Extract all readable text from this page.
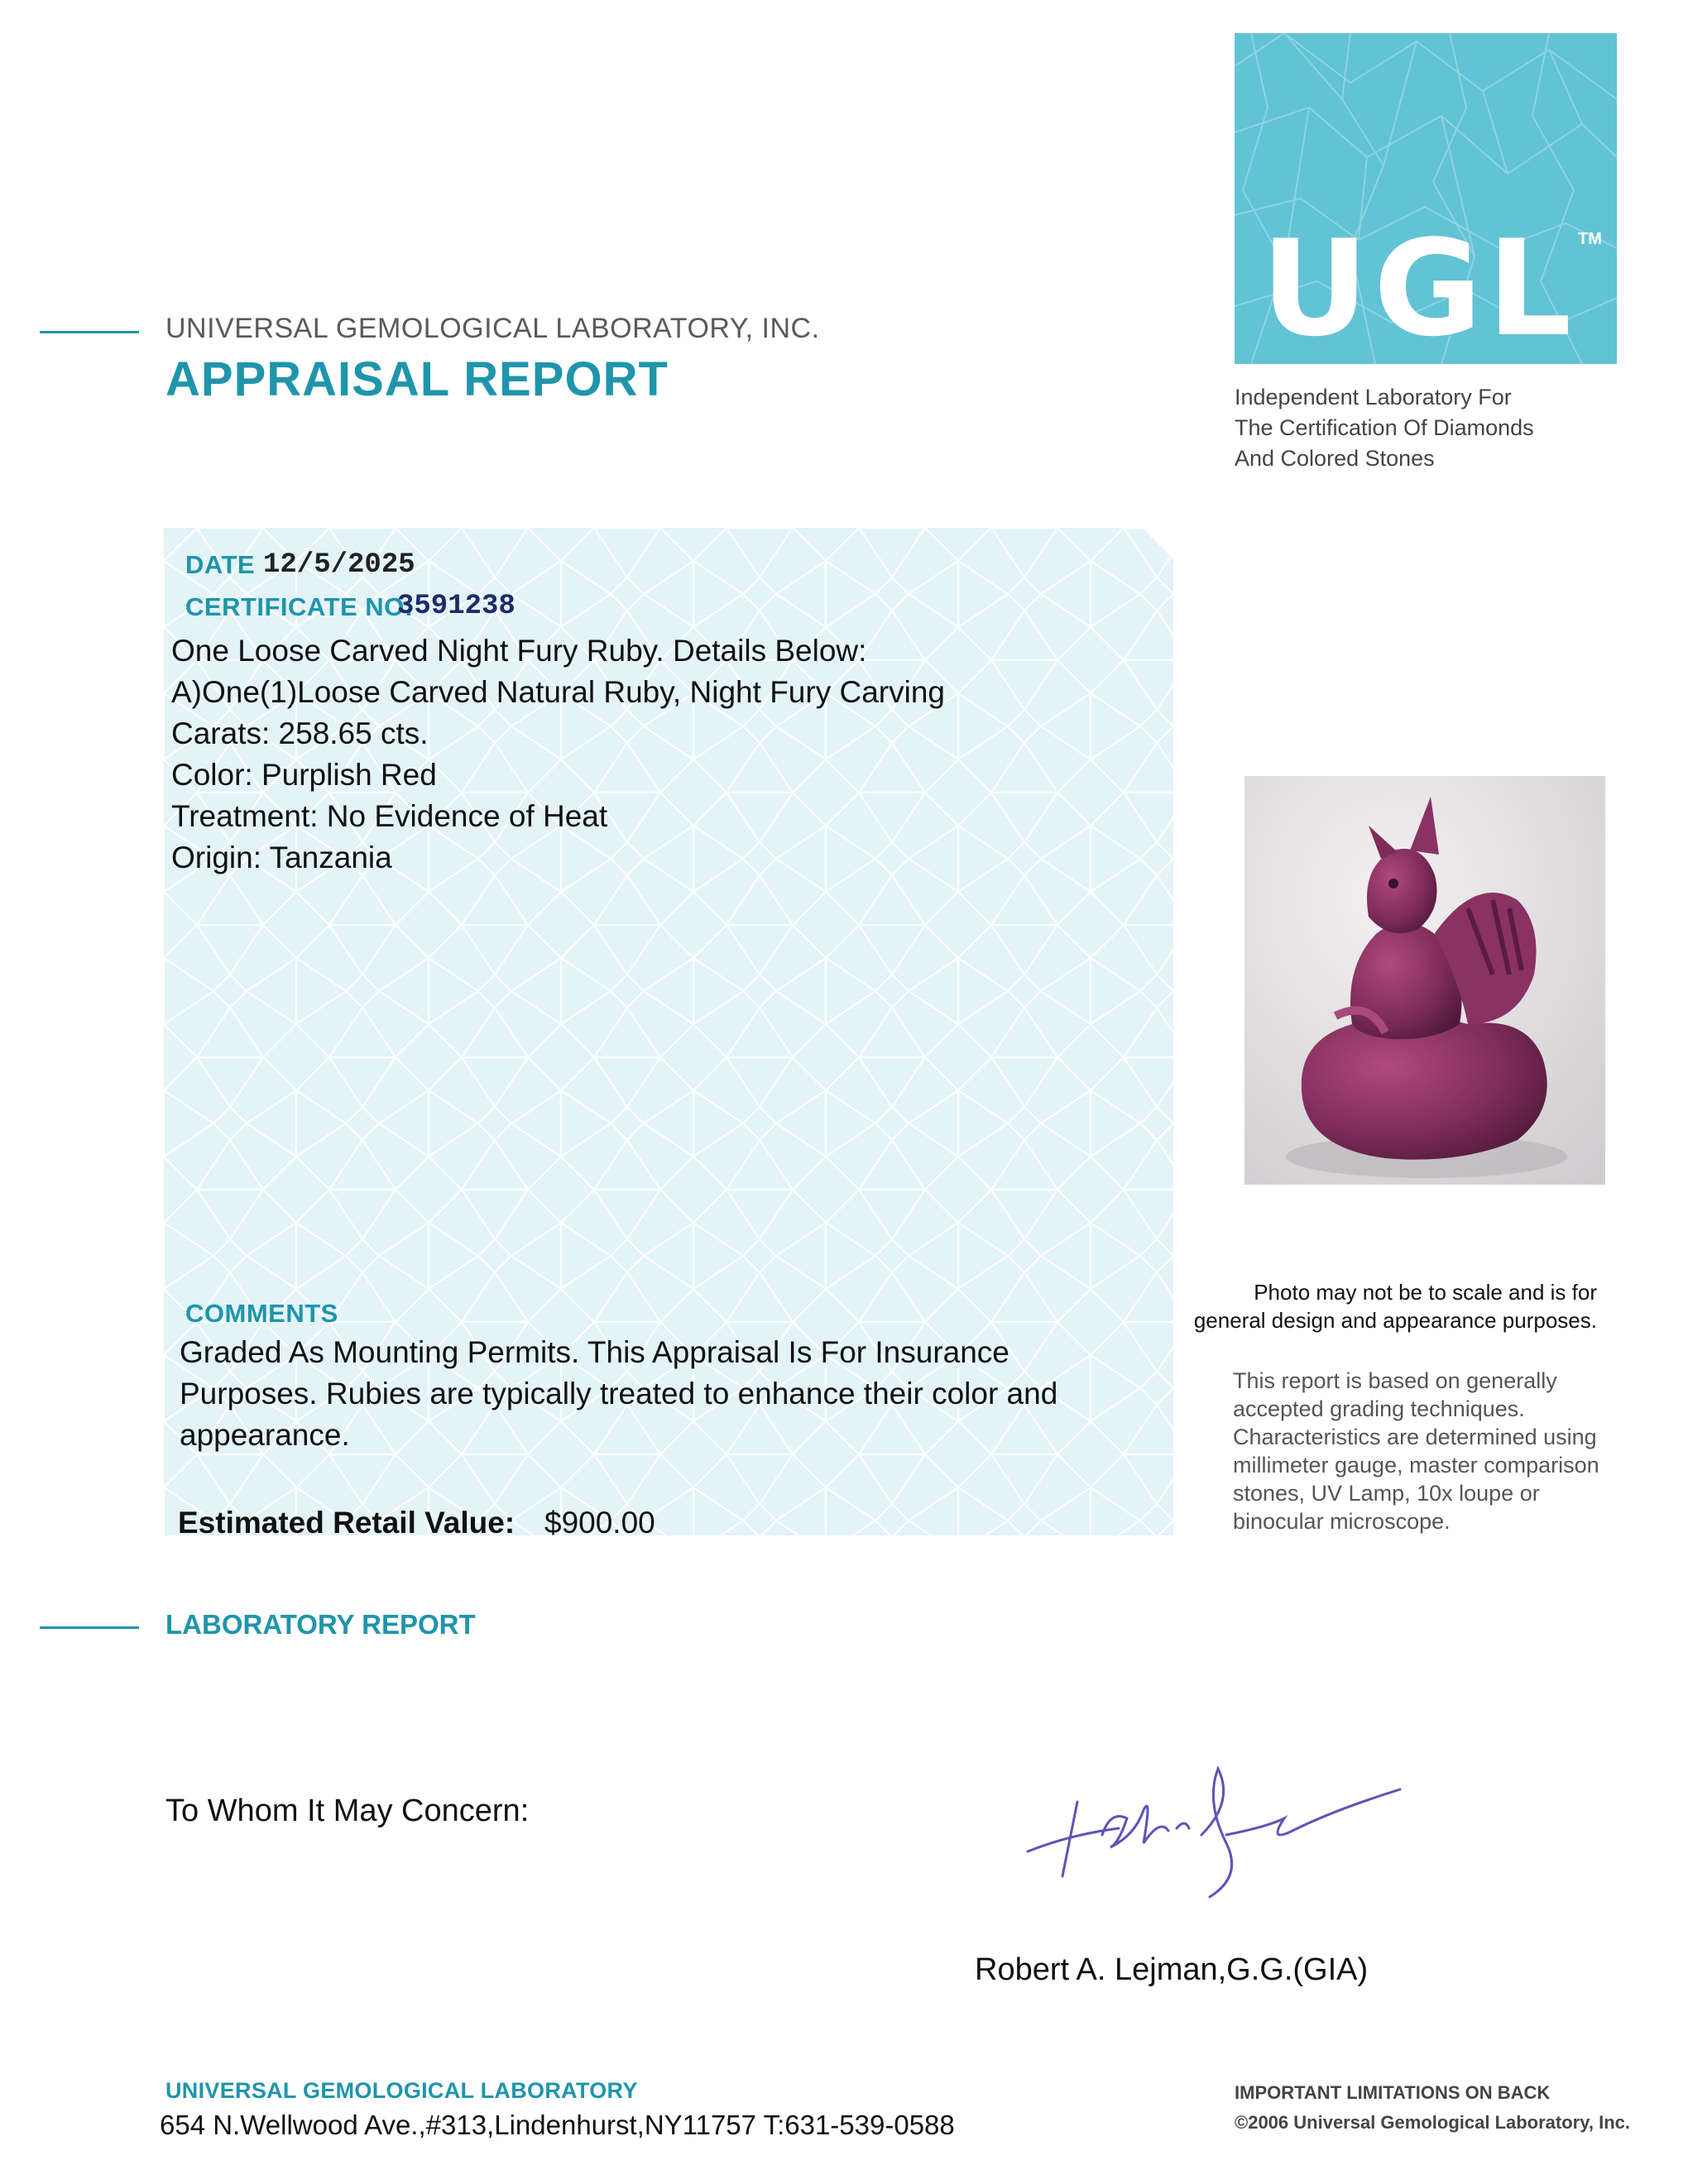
UNIVERSAL GEMOLOGICAL LABORATORY, INC.
APPRAISAL REPORT
UGL TM
Independent Laboratory For
The Certification Of Diamonds
And Colored Stones
DATE 12/5/2025
CERTIFICATE NO:
3591238
One Loose Carved Night Fury Ruby. Details Below:
A)One(1)Loose Carved Natural Ruby, Night Fury Carving
Carats: 258.65 cts.
Color: Purplish Red
Treatment: No Evidence of Heat
Origin: Tanzania
COMMENTS
Graded As Mounting Permits. This Appraisal Is For Insurance
Purposes. Rubies are typically treated to enhance their color and
appearance.
Estimated Retail Value: $900.00
Photo may not be to scale and is for
general design and appearance purposes.
This report is based on generally
accepted grading techniques.
Characteristics are determined using
millimeter gauge, master comparison
stones, UV Lamp, 10x loupe or
binocular microscope.
LABORATORY REPORT
To Whom It May Concern:
Robert A. Lejman,G.G.(GIA)
UNIVERSAL GEMOLOGICAL LABORATORY
654 N.Wellwood Ave.,#313,Lindenhurst,NY11757 T:631-539-0588
IMPORTANT LIMITATIONS ON BACK
©2006 Universal Gemological Laboratory, Inc.
